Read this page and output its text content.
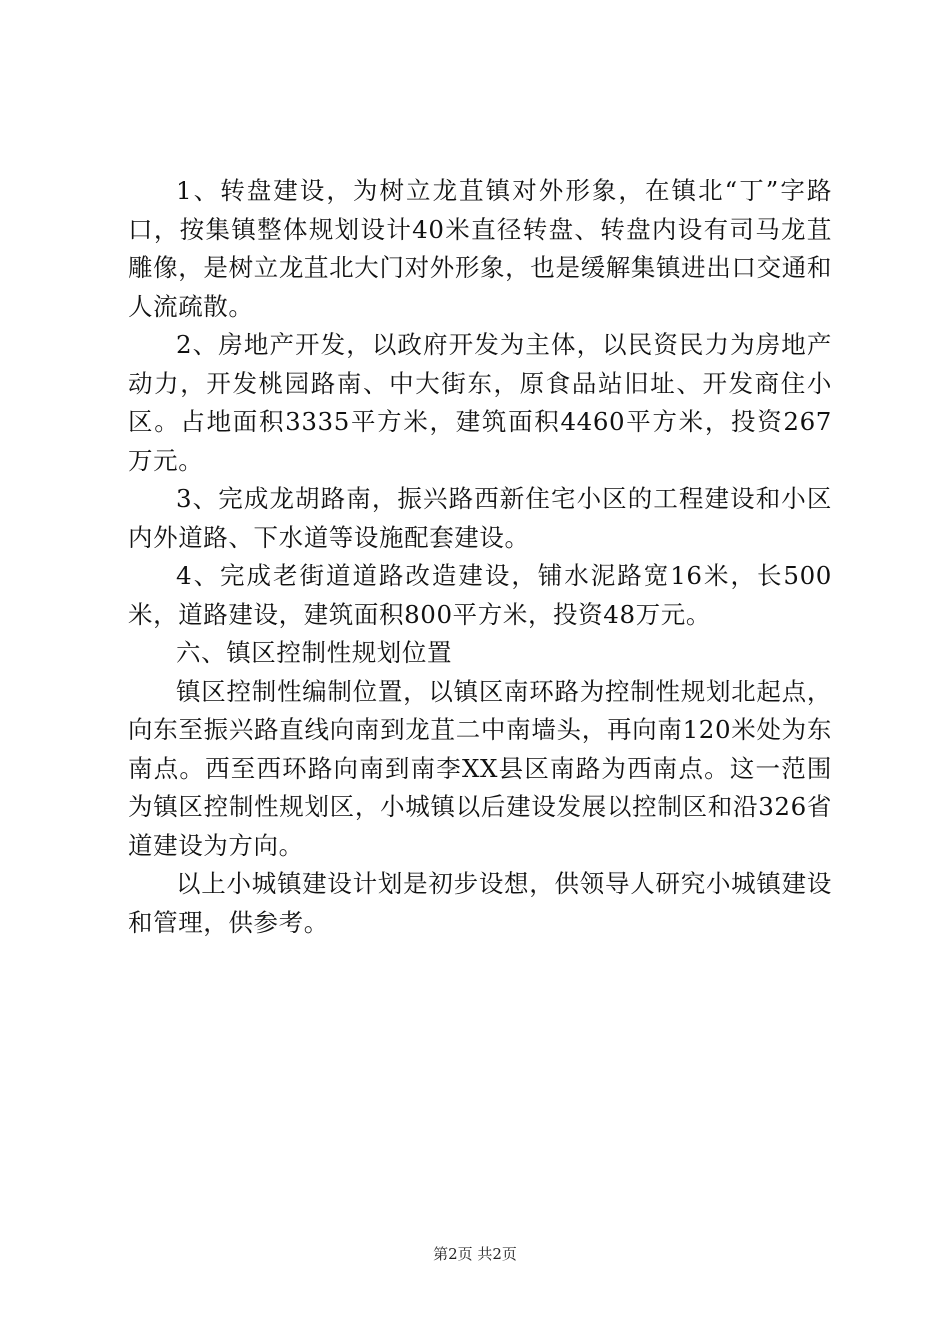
1、转盘建设，为树立龙苴镇对外形象，在镇北“丁”字路口，按集镇整体规划设计40米直径转盘、转盘内设有司马龙苴雕像，是树立龙苴北大门对外形象，也是缓解集镇进出口交通和人流疏散。

2、房地产开发，以政府开发为主体，以民资民力为房地产动力，开发桃园路南、中大街东，原食品站旧址、开发商住小区。占地面积3335平方米，建筑面积4460平方米，投资267万元。

3、完成龙胡路南，振兴路西新住宅小区的工程建设和小区内外道路、下水道等设施配套建设。

4、完成老街道道路改造建设，铺水泥路宽16米，长500米，道路建设，建筑面积800平方米，投资48万元。

六、镇区控制性规划位置

镇区控制性编制位置，以镇区南环路为控制性规划北起点，向东至振兴路直线向南到龙苴二中南墙头，再向南120米处为东南点。西至西环路向南到南李XX县区南路为西南点。这一范围为镇区控制性规划区，小城镇以后建设发展以控制区和沿326省道建设为方向。

以上小城镇建设计划是初步设想，供领导人研究小城镇建设和管理，供参考。

第2页 共2页
